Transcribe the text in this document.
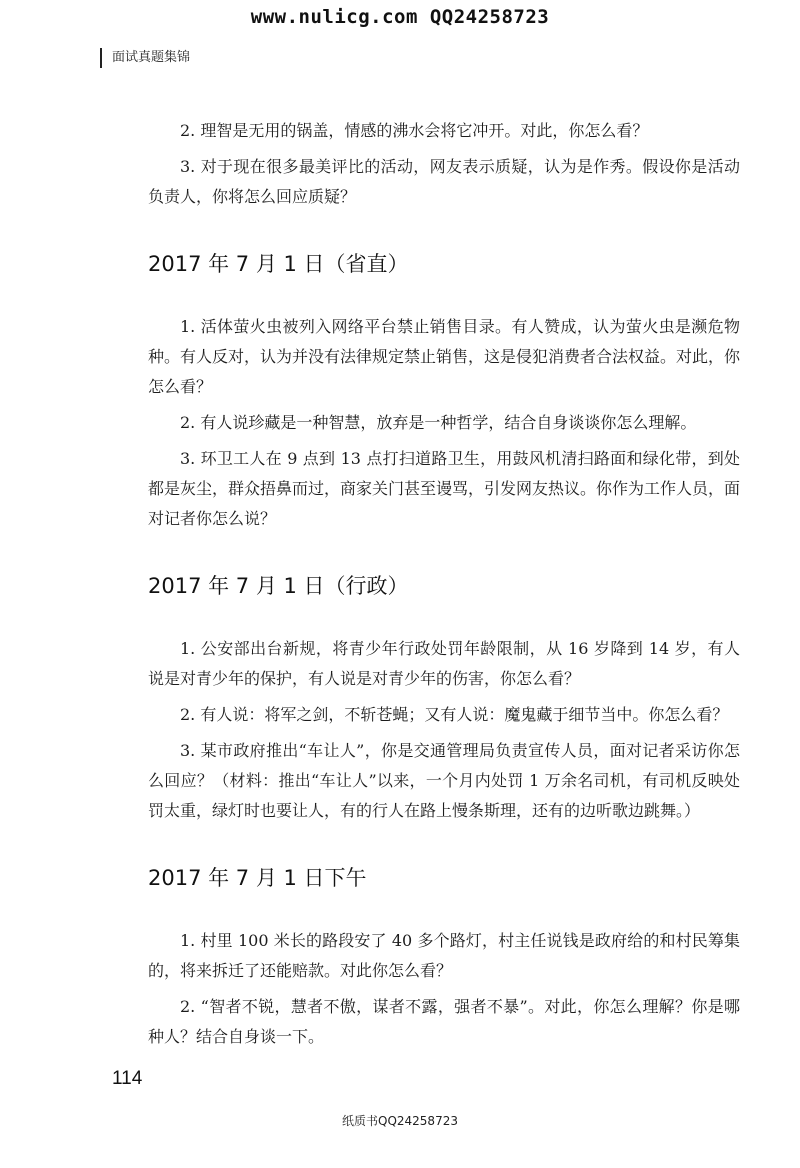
www.nulicg.com QQ24258723
面试真题集锦

2. 理智是无用的锅盖，情感的沸水会将它冲开。对此，你怎么看？

3. 对于现在很多最美评比的活动，网友表示质疑，认为是作秀。假设你是活动负责人，你将怎么回应质疑？

2017 年 7 月 1 日（省直）

1. 活体萤火虫被列入网络平台禁止销售目录。有人赞成，认为萤火虫是濒危物种。有人反对，认为并没有法律规定禁止销售，这是侵犯消费者合法权益。对此，你怎么看？

2. 有人说珍藏是一种智慧，放弃是一种哲学，结合自身谈谈你怎么理解。

3. 环卫工人在 9 点到 13 点打扫道路卫生，用鼓风机清扫路面和绿化带，到处都是灰尘，群众捂鼻而过，商家关门甚至谩骂，引发网友热议。你作为工作人员，面对记者你怎么说？

2017 年 7 月 1 日（行政）

1. 公安部出台新规，将青少年行政处罚年龄限制，从 16 岁降到 14 岁，有人说是对青少年的保护，有人说是对青少年的伤害，你怎么看？

2. 有人说：将军之剑，不斩苍蝇；又有人说：魔鬼藏于细节当中。你怎么看？

3. 某市政府推出“车让人”，你是交通管理局负责宣传人员，面对记者采访你怎么回应？（材料：推出“车让人”以来，一个月内处罚 1 万余名司机，有司机反映处罚太重，绿灯时也要让人，有的行人在路上慢条斯理，还有的边听歌边跳舞。）

2017 年 7 月 1 日下午

1. 村里 100 米长的路段安了 40 多个路灯，村主任说钱是政府给的和村民筹集的，将来拆迁了还能赔款。对此你怎么看？

2. “智者不锐，慧者不傲，谋者不露，强者不暴”。对此，你怎么理解？你是哪种人？结合自身谈一下。

114
纸质书QQ24258723
